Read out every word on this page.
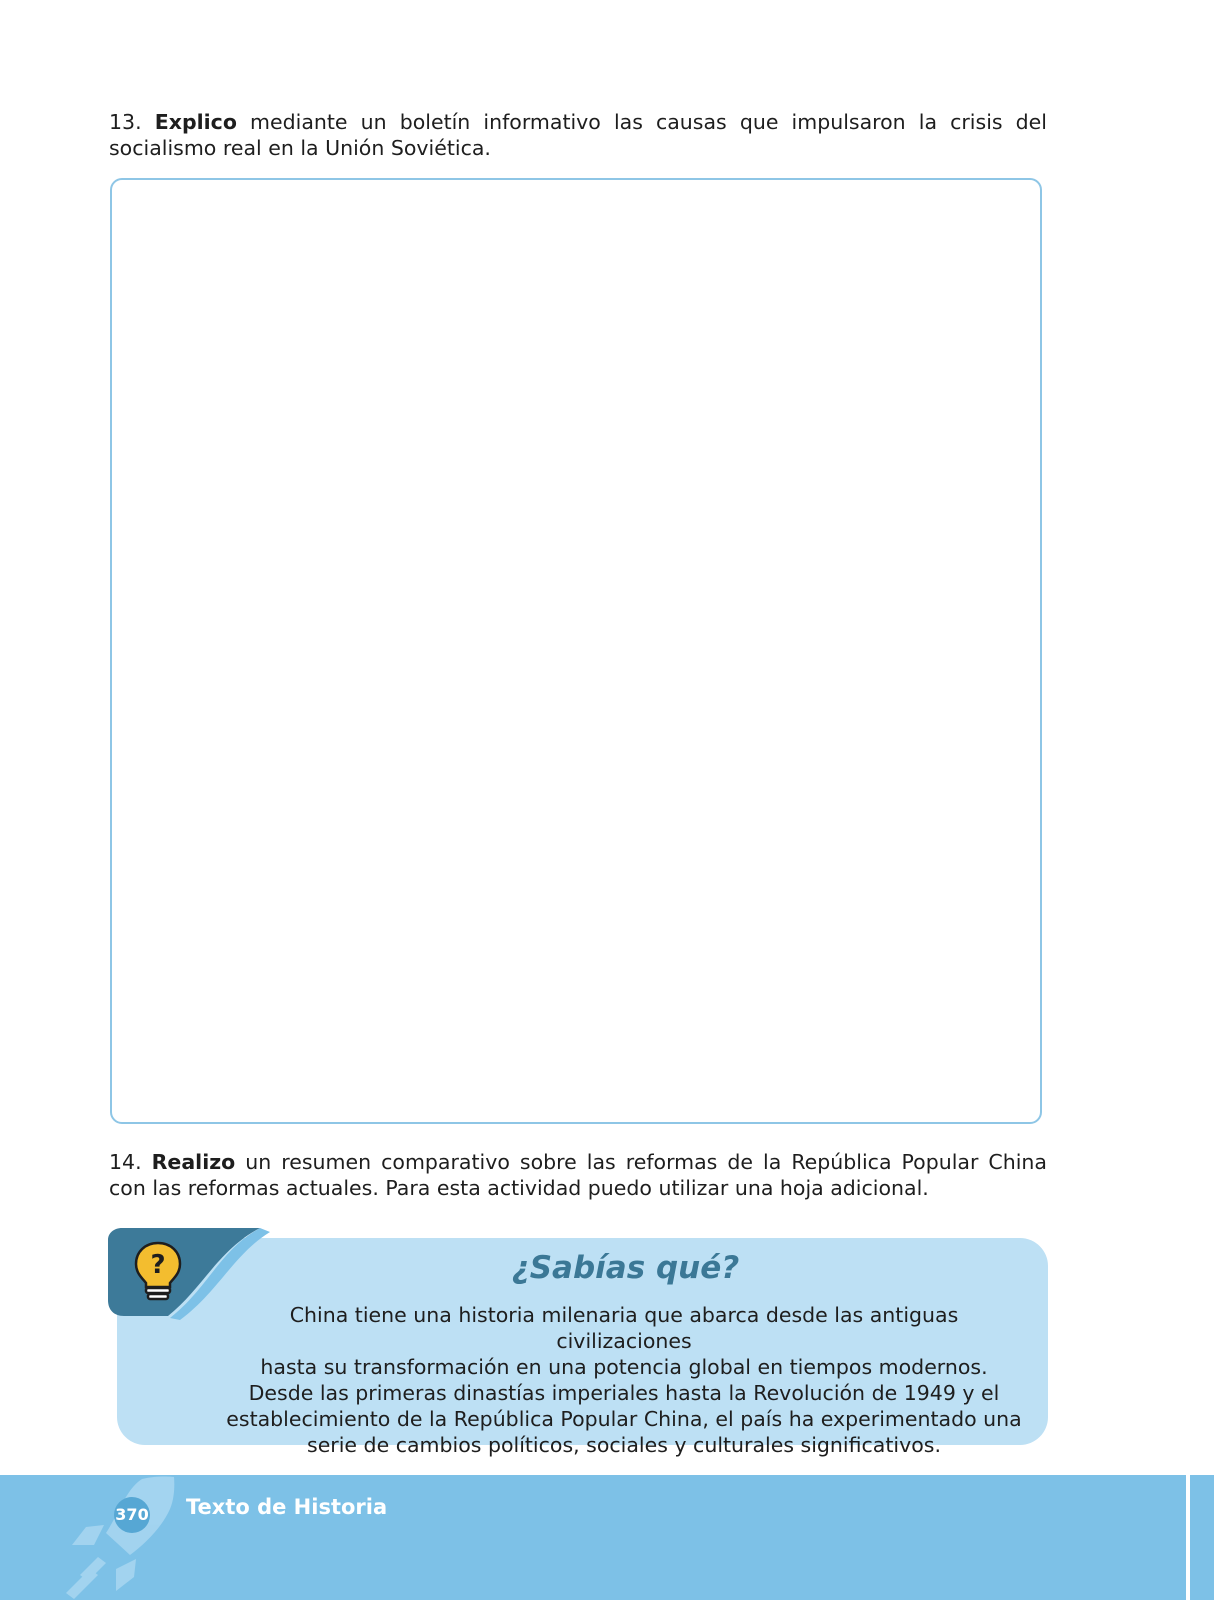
13. Explico mediante un boletín informativo las causas que impulsaron la crisis del socialismo real en la Unión Soviética.
14. Realizo un resumen comparativo sobre las reformas de la República Popular China con las reformas actuales. Para esta actividad puedo utilizar una hoja adicional.
?	¿Sabías qué?
China tiene una historia milenaria que abarca desde las antiguas civilizaciones
hasta su transformación en una potencia global en tiempos modernos.
Desde las primeras dinastías imperiales hasta la Revolución de 1949 y el
establecimiento de la República Popular China, el país ha experimentado una
serie de cambios políticos, sociales y culturales significativos.
370 Texto de Historia
